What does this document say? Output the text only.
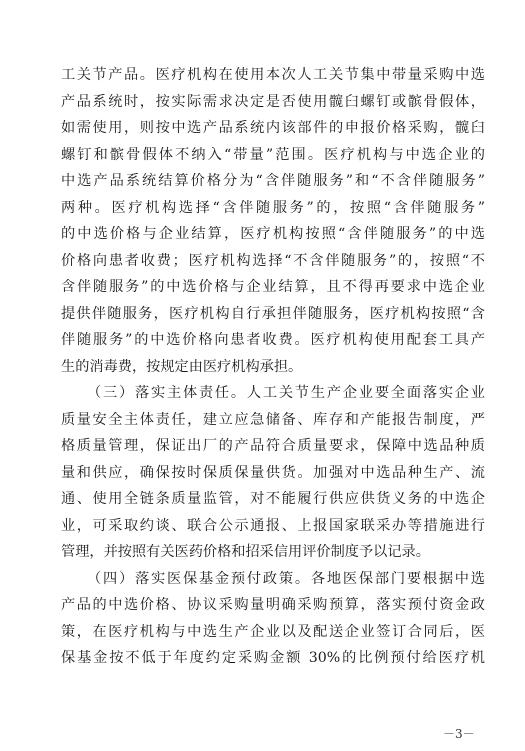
工关节产品。医疗机构在使用本次人工关节集中带量采购中选
产品系统时，按实际需求决定是否使用髋臼螺钉或髌骨假体，
如需使用，则按中选产品系统内该部件的申报价格采购，髋臼
螺钉和髌骨假体不纳入“带量”范围。医疗机构与中选企业的
中选产品系统结算价格分为“含伴随服务”和“不含伴随服务”
两种。医疗机构选择“含伴随服务”的，按照“含伴随服务”
的中选价格与企业结算，医疗机构按照“含伴随服务”的中选
价格向患者收费；医疗机构选择“不含伴随服务”的，按照“不
含伴随服务”的中选价格与企业结算，且不得再要求中选企业
提供伴随服务，医疗机构自行承担伴随服务，医疗机构按照“含
伴随服务”的中选价格向患者收费。医疗机构使用配套工具产
生的消毒费，按规定由医疗机构承担。
（三）落实主体责任。人工关节生产企业要全面落实企业
质量安全主体责任，建立应急储备、库存和产能报告制度，严
格质量管理，保证出厂的产品符合质量要求，保障中选品种质
量和供应，确保按时保质保量供货。加强对中选品种生产、流
通、使用全链条质量监管，对不能履行供应供货义务的中选企
业，可采取约谈、联合公示通报、上报国家联采办等措施进行
管理，并按照有关医药价格和招采信用评价制度予以记录。
（四）落实医保基金预付政策。各地医保部门要根据中选
产品的中选价格、协议采购量明确采购预算，落实预付资金政
策，在医疗机构与中选生产企业以及配送企业签订合同后，医
保基金按不低于年度约定采购金额 30%的比例预付给医疗机
－3－
